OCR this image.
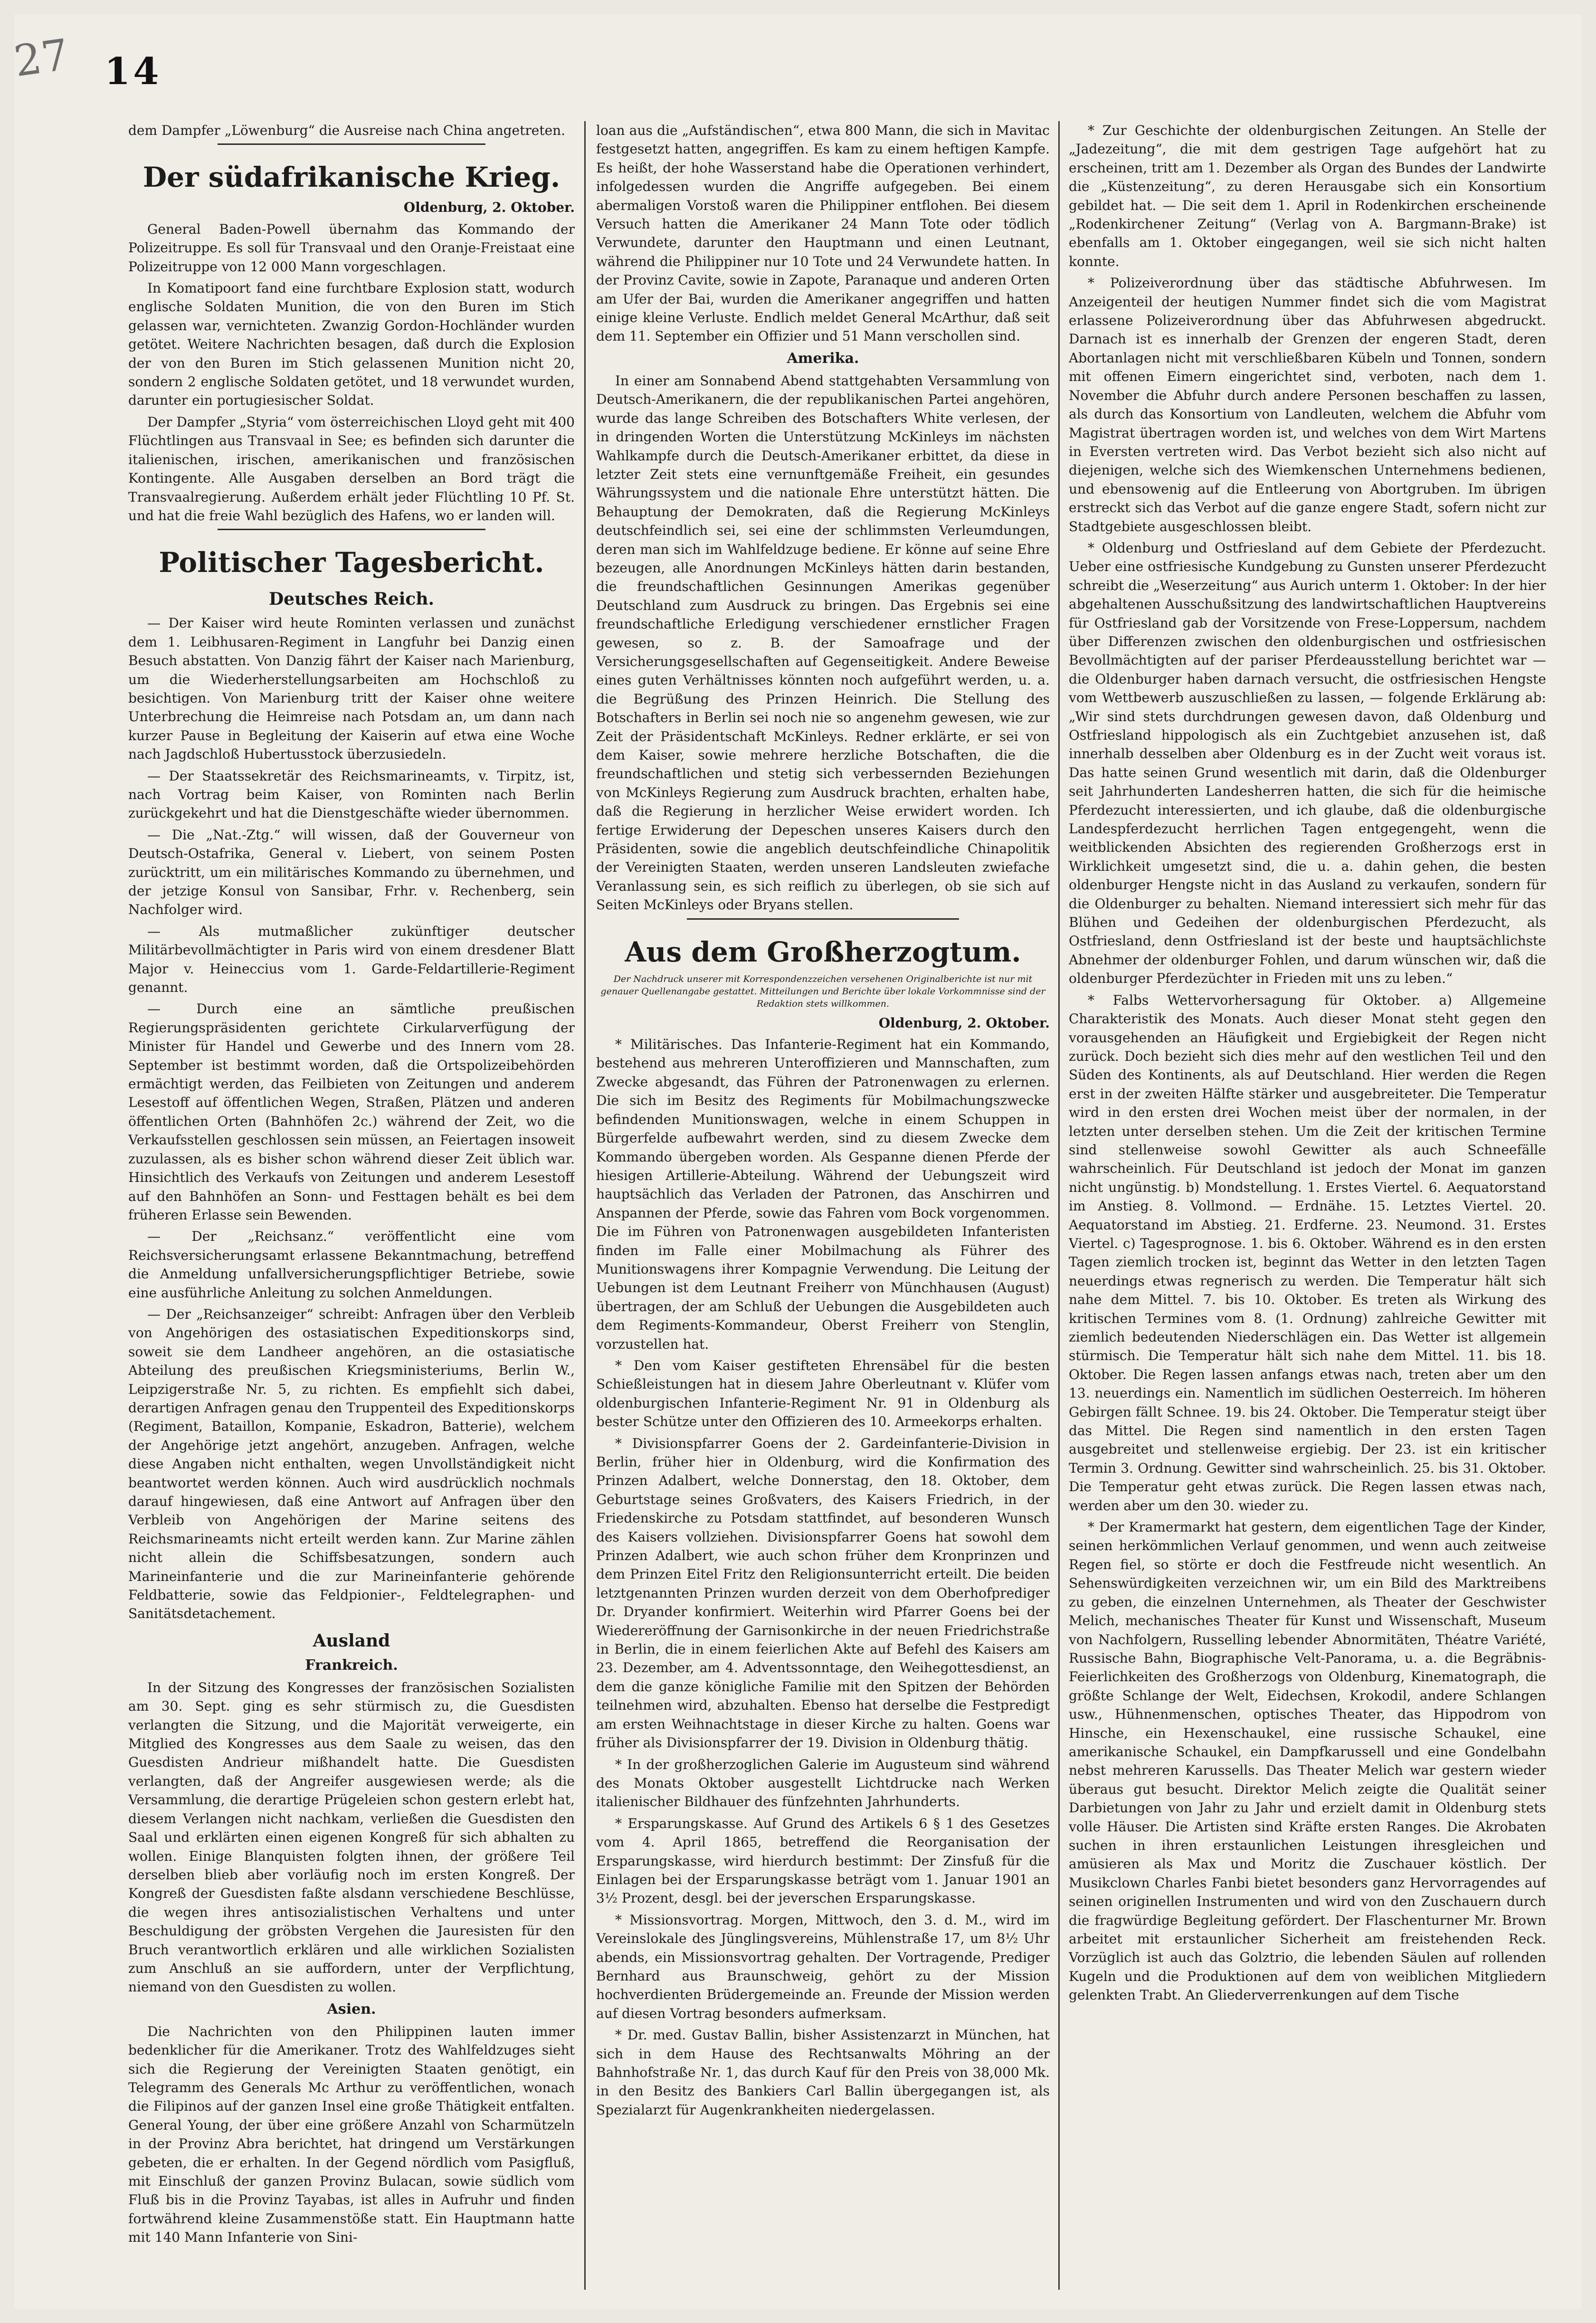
27 14

dem Dampfer „Löwenburg“ die Ausreise nach China angetreten.

Der südafrikanische Krieg.
Oldenburg, 2. Oktober.

General Baden-Powell übernahm das Kommando der Polizeitruppe. Es soll für Transvaal und den Oranje-Freistaat eine Polizeitruppe von 12 000 Mann vorgeschlagen.

In Komatipoort fand eine furchtbare Explosion statt, wodurch englische Soldaten Munition, die von den Buren im Stich gelassen war, vernichteten. Zwanzig Gordon-Hochländer wurden getötet. Weitere Nachrichten besagen, daß durch die Explosion der von den Buren im Stich gelassenen Munition nicht 20, sondern 2 englische Soldaten getötet, und 18 verwundet wurden, darunter ein portugiesischer Soldat.

Der Dampfer „Styria“ vom österreichischen Lloyd geht mit 400 Flüchtlingen aus Transvaal in See; es befinden sich darunter die italienischen, irischen, amerikanischen und französischen Kontingente. Alle Ausgaben derselben an Bord trägt die Transvaalregierung. Außerdem erhält jeder Flüchtling 10 Pf. St. und hat die freie Wahl bezüglich des Hafens, wo er landen will.

Politischer Tagesbericht.
Deutsches Reich.

— Der Kaiser wird heute Rominten verlassen und zunächst dem 1. Leibhusaren-Regiment in Langfuhr bei Danzig einen Besuch abstatten. Von Danzig fährt der Kaiser nach Marienburg, um die Wiederherstellungsarbeiten am Hochschloß zu besichtigen. Von Marienburg tritt der Kaiser ohne weitere Unterbrechung die Heimreise nach Potsdam an, um dann nach kurzer Pause in Begleitung der Kaiserin auf etwa eine Woche nach Jagdschloß Hubertusstock überzusiedeln.

— Der Staatssekretär des Reichsmarineamts, v. Tirpitz, ist, nach Vortrag beim Kaiser, von Rominten nach Berlin zurückgekehrt und hat die Dienstgeschäfte wieder übernommen.

— Die „Nat.-Ztg.“ will wissen, daß der Gouverneur von Deutsch-Ostafrika, General v. Liebert, von seinem Posten zurücktritt, um ein militärisches Kommando zu übernehmen, und der jetzige Konsul von Sansibar, Frhr. v. Rechenberg, sein Nachfolger wird.

— Als mutmaßlicher zukünftiger deutscher Militärbevollmächtigter in Paris wird von einem dresdener Blatt Major v. Heineccius vom 1. Garde-Feldartillerie-Regiment genannt.

— Durch eine an sämtliche preußischen Regierungspräsidenten gerichtete Cirkularverfügung der Minister für Handel und Gewerbe und des Innern vom 28. September ist bestimmt worden, daß die Ortspolizeibehörden ermächtigt werden, das Feilbieten von Zeitungen und anderem Lesestoff auf öffentlichen Wegen, Straßen, Plätzen und anderen öffentlichen Orten (Bahnhöfen 2c.) während der Zeit, wo die Verkaufsstellen geschlossen sein müssen, an Feiertagen insoweit zuzulassen, als es bisher schon während dieser Zeit üblich war. Hinsichtlich des Verkaufs von Zeitungen und anderem Lesestoff auf den Bahnhöfen an Sonn- und Festtagen behält es bei dem früheren Erlasse sein Bewenden.

— Der „Reichsanz.“ veröffentlicht eine vom Reichsversicherungsamt erlassene Bekanntmachung, betreffend die Anmeldung unfallversicherungspflichtiger Betriebe, sowie eine ausführliche Anleitung zu solchen Anmeldungen.

— Der „Reichsanzeiger“ schreibt: Anfragen über den Verbleib von Angehörigen des ostasiatischen Expeditionskorps sind, soweit sie dem Landheer angehören, an die ostasiatische Abteilung des preußischen Kriegsministeriums, Berlin W., Leipzigerstraße Nr. 5, zu richten. Es empfiehlt sich dabei, derartigen Anfragen genau den Truppenteil des Expeditionskorps (Regiment, Bataillon, Kompanie, Eskadron, Batterie), welchem der Angehörige jetzt angehört, anzugeben. Anfragen, welche diese Angaben nicht enthalten, wegen Unvollständigkeit nicht beantwortet werden können. Auch wird ausdrücklich nochmals darauf hingewiesen, daß eine Antwort auf Anfragen über den Verbleib von Angehörigen der Marine seitens des Reichsmarineamts nicht erteilt werden kann. Zur Marine zählen nicht allein die Schiffsbesatzungen, sondern auch Marineinfanterie und die zur Marineinfanterie gehörende Feldbatterie, sowie das Feldpionier-, Feldtelegraphen- und Sanitätsdetachement.

Ausland
Frankreich.

In der Sitzung des Kongresses der französischen Sozialisten am 30. Sept. ging es sehr stürmisch zu, die Guesdisten verlangten die Sitzung, und die Majorität verweigerte, ein Mitglied des Kongresses aus dem Saale zu weisen, das den Guesdisten Andrieur mißhandelt hatte. Die Guesdisten verlangten, daß der Angreifer ausgewiesen werde; als die Versammlung, die derartige Prügeleien schon gestern erlebt hat, diesem Verlangen nicht nachkam, verließen die Guesdisten den Saal und erklärten einen eigenen Kongreß für sich abhalten zu wollen. Einige Blanquisten folgten ihnen, der größere Teil derselben blieb aber vorläufig noch im ersten Kongreß. Der Kongreß der Guesdisten faßte alsdann verschiedene Beschlüsse, die wegen ihres antisozialistischen Verhaltens und unter Beschuldigung der gröbsten Vergehen die Jauresisten für den Bruch verantwortlich erklären und alle wirklichen Sozialisten zum Anschluß an sie auffordern, unter der Verpflichtung, niemand von den Guesdisten zu wollen.

Asien.

Die Nachrichten von den Philippinen lauten immer bedenklicher für die Amerikaner. Trotz des Wahlfeldzuges sieht sich die Regierung der Vereinigten Staaten genötigt, ein Telegramm des Generals Mc Arthur zu veröffentlichen, wonach die Filipinos auf der ganzen Insel eine große Thätigkeit entfalten. General Young, der über eine größere Anzahl von Scharmützeln in der Provinz Abra berichtet, hat dringend um Verstärkungen gebeten, die er erhalten. In der Gegend nördlich vom Pasigfluß, mit Einschluß der ganzen Provinz Bulacan, sowie südlich vom Fluß bis in die Provinz Tayabas, ist alles in Aufruhr und finden fortwährend kleine Zusammenstöße statt. Ein Hauptmann hatte mit 140 Mann Infanterie von Sini-

loan aus die „Aufständischen“, etwa 800 Mann, die sich in Mavitac festgesetzt hatten, angegriffen. Es kam zu einem heftigen Kampfe. Es heißt, der hohe Wasserstand habe die Operationen verhindert, infolgedessen wurden die Angriffe aufgegeben. Bei einem abermaligen Vorstoß waren die Philippiner entflohen. Bei diesem Versuch hatten die Amerikaner 24 Mann Tote oder tödlich Verwundete, darunter den Hauptmann und einen Leutnant, während die Philippiner nur 10 Tote und 24 Verwundete hatten. In der Provinz Cavite, sowie in Zapote, Paranaque und anderen Orten am Ufer der Bai, wurden die Amerikaner angegriffen und hatten einige kleine Verluste. Endlich meldet General McArthur, daß seit dem 11. September ein Offizier und 51 Mann verschollen sind.

Amerika.

In einer am Sonnabend Abend stattgehabten Versammlung von Deutsch-Amerikanern, die der republikanischen Partei angehören, wurde das lange Schreiben des Botschafters White verlesen, der in dringenden Worten die Unterstützung McKinleys im nächsten Wahlkampfe durch die Deutsch-Amerikaner erbittet, da diese in letzter Zeit stets eine vernunftgemäße Freiheit, ein gesundes Währungssystem und die nationale Ehre unterstützt hätten. Die Behauptung der Demokraten, daß die Regierung McKinleys deutschfeindlich sei, sei eine der schlimmsten Verleumdungen, deren man sich im Wahlfeldzuge bediene. Er könne auf seine Ehre bezeugen, alle Anordnungen McKinleys hätten darin bestanden, die freundschaftlichen Gesinnungen Amerikas gegenüber Deutschland zum Ausdruck zu bringen. Das Ergebnis sei eine freundschaftliche Erledigung verschiedener ernstlicher Fragen gewesen, so z. B. der Samoafrage und der Versicherungsgesellschaften auf Gegenseitigkeit. Andere Beweise eines guten Verhältnisses könnten noch aufgeführt werden, u. a. die Begrüßung des Prinzen Heinrich. Die Stellung des Botschafters in Berlin sei noch nie so angenehm gewesen, wie zur Zeit der Präsidentschaft McKinleys. Redner erklärte, er sei von dem Kaiser, sowie mehrere herzliche Botschaften, die die freundschaftlichen und stetig sich verbessernden Beziehungen von McKinleys Regierung zum Ausdruck brachten, erhalten habe, daß die Regierung in herzlicher Weise erwidert worden. Ich fertige Erwiderung der Depeschen unseres Kaisers durch den Präsidenten, sowie die angeblich deutschfeindliche Chinapolitik der Vereinigten Staaten, werden unseren Landsleuten zwiefache Veranlassung sein, es sich reiflich zu überlegen, ob sie sich auf Seiten McKinleys oder Bryans stellen.

Aus dem Großherzogtum.
Der Nachdruck unserer mit Korrespondenzzeichen versehenen Originalberichte ist nur mit genauer Quellenangabe gestattet. Mitteilungen und Berichte über lokale Vorkommnisse sind der Redaktion stets willkommen.
Oldenburg, 2. Oktober.

* Militärisches. Das Infanterie-Regiment hat ein Kommando, bestehend aus mehreren Unteroffizieren und Mannschaften, zum Zwecke abgesandt, das Führen der Patronenwagen zu erlernen. Die sich im Besitz des Regiments für Mobilmachungszwecke befindenden Munitionswagen, welche in einem Schuppen in Bürgerfelde aufbewahrt werden, sind zu diesem Zwecke dem Kommando übergeben worden. Als Gespanne dienen Pferde der hiesigen Artillerie-Abteilung. Während der Uebungszeit wird hauptsächlich das Verladen der Patronen, das Anschirren und Anspannen der Pferde, sowie das Fahren vom Bock vorgenommen. Die im Führen von Patronenwagen ausgebildeten Infanteristen finden im Falle einer Mobilmachung als Führer des Munitionswagens ihrer Kompagnie Verwendung. Die Leitung der Uebungen ist dem Leutnant Freiherr von Münchhausen (August) übertragen, der am Schluß der Uebungen die Ausgebildeten auch dem Regiments-Kommandeur, Oberst Freiherr von Stenglin, vorzustellen hat.

* Den vom Kaiser gestifteten Ehrensäbel für die besten Schießleistungen hat in diesem Jahre Oberleutnant v. Klüfer vom oldenburgischen Infanterie-Regiment Nr. 91 in Oldenburg als bester Schütze unter den Offizieren des 10. Armeekorps erhalten.

* Divisionspfarrer Goens der 2. Gardeinfanterie-Division in Berlin, früher hier in Oldenburg, wird die Konfirmation des Prinzen Adalbert, welche Donnerstag, den 18. Oktober, dem Geburtstage seines Großvaters, des Kaisers Friedrich, in der Friedenskirche zu Potsdam stattfindet, auf besonderen Wunsch des Kaisers vollziehen. Divisionspfarrer Goens hat sowohl dem Prinzen Adalbert, wie auch schon früher dem Kronprinzen und dem Prinzen Eitel Fritz den Religionsunterricht erteilt. Die beiden letztgenannten Prinzen wurden derzeit von dem Oberhofprediger Dr. Dryander konfirmiert. Weiterhin wird Pfarrer Goens bei der Wiedereröffnung der Garnisonkirche in der neuen Friedrichstraße in Berlin, die in einem feierlichen Akte auf Befehl des Kaisers am 23. Dezember, am 4. Adventssonntage, den Weihegottesdienst, an dem die ganze königliche Familie mit den Spitzen der Behörden teilnehmen wird, abzuhalten. Ebenso hat derselbe die Festpredigt am ersten Weihnachtstage in dieser Kirche zu halten. Goens war früher als Divisionspfarrer der 19. Division in Oldenburg thätig.

* In der großherzoglichen Galerie im Augusteum sind während des Monats Oktober ausgestellt Lichtdrucke nach Werken italienischer Bildhauer des fünfzehnten Jahrhunderts.

* Ersparungskasse. Auf Grund des Artikels 6 § 1 des Gesetzes vom 4. April 1865, betreffend die Reorganisation der Ersparungskasse, wird hierdurch bestimmt: Der Zinsfuß für die Einlagen bei der Ersparungskasse beträgt vom 1. Januar 1901 an 3½ Prozent, desgl. bei der jeverschen Ersparungskasse.

* Missionsvortrag. Morgen, Mittwoch, den 3. d. M., wird im Vereinslokale des Jünglingsvereins, Mühlenstraße 17, um 8½ Uhr abends, ein Missionsvortrag gehalten. Der Vortragende, Prediger Bernhard aus Braunschweig, gehört zu der Mission hochverdienten Brüdergemeinde an. Freunde der Mission werden auf diesen Vortrag besonders aufmerksam.

* Dr. med. Gustav Ballin, bisher Assistenzarzt in München, hat sich in dem Hause des Rechtsanwalts Möhring an der Bahnhofstraße Nr. 1, das durch Kauf für den Preis von 38,000 Mk. in den Besitz des Bankiers Carl Ballin übergegangen ist, als Spezialarzt für Augenkrankheiten niedergelassen.

* Zur Geschichte der oldenburgischen Zeitungen. An Stelle der „Jadezeitung“, die mit dem gestrigen Tage aufgehört hat zu erscheinen, tritt am 1. Dezember als Organ des Bundes der Landwirte die „Küstenzeitung“, zu deren Herausgabe sich ein Konsortium gebildet hat. — Die seit dem 1. April in Rodenkirchen erscheinende „Rodenkirchener Zeitung“ (Verlag von A. Bargmann-Brake) ist ebenfalls am 1. Oktober eingegangen, weil sie sich nicht halten konnte.

* Polizeiverordnung über das städtische Abfuhrwesen. Im Anzeigenteil der heutigen Nummer findet sich die vom Magistrat erlassene Polizeiverordnung über das Abfuhrwesen abgedruckt. Darnach ist es innerhalb der Grenzen der engeren Stadt, deren Abortanlagen nicht mit verschließbaren Kübeln und Tonnen, sondern mit offenen Eimern eingerichtet sind, verboten, nach dem 1. November die Abfuhr durch andere Personen beschaffen zu lassen, als durch das Konsortium von Landleuten, welchem die Abfuhr vom Magistrat übertragen worden ist, und welches von dem Wirt Martens in Eversten vertreten wird. Das Verbot bezieht sich also nicht auf diejenigen, welche sich des Wiemkenschen Unternehmens bedienen, und ebensowenig auf die Entleerung von Abortgruben. Im übrigen erstreckt sich das Verbot auf die ganze engere Stadt, sofern nicht zur Stadtgebiete ausgeschlossen bleibt.

* Oldenburg und Ostfriesland auf dem Gebiete der Pferdezucht. Ueber eine ostfriesische Kundgebung zu Gunsten unserer Pferdezucht schreibt die „Weserzeitung“ aus Aurich unterm 1. Oktober: In der hier abgehaltenen Ausschußsitzung des landwirtschaftlichen Hauptvereins für Ostfriesland gab der Vorsitzende von Frese-Loppersum, nachdem über Differenzen zwischen den oldenburgischen und ostfriesischen Bevollmächtigten auf der pariser Pferdeausstellung berichtet war — die Oldenburger haben darnach versucht, die ostfriesischen Hengste vom Wettbewerb auszuschließen zu lassen, — folgende Erklärung ab: „Wir sind stets durchdrungen gewesen davon, daß Oldenburg und Ostfriesland hippologisch als ein Zuchtgebiet anzusehen ist, daß innerhalb desselben aber Oldenburg es in der Zucht weit voraus ist. Das hatte seinen Grund wesentlich mit darin, daß die Oldenburger seit Jahrhunderten Landesherren hatten, die sich für die heimische Pferdezucht interessierten, und ich glaube, daß die oldenburgische Landespferdezucht herrlichen Tagen entgegengeht, wenn die weitblickenden Absichten des regierenden Großherzogs erst in Wirklichkeit umgesetzt sind, die u. a. dahin gehen, die besten oldenburger Hengste nicht in das Ausland zu verkaufen, sondern für die Oldenburger zu behalten. Niemand interessiert sich mehr für das Blühen und Gedeihen der oldenburgischen Pferdezucht, als Ostfriesland, denn Ostfriesland ist der beste und hauptsächlichste Abnehmer der oldenburger Fohlen, und darum wünschen wir, daß die oldenburger Pferdezüchter in Frieden mit uns zu leben.“

* Falbs Wettervorhersagung für Oktober. a) Allgemeine Charakteristik des Monats. Auch dieser Monat steht gegen den vorausgehenden an Häufigkeit und Ergiebigkeit der Regen nicht zurück. Doch bezieht sich dies mehr auf den westlichen Teil und den Süden des Kontinents, als auf Deutschland. Hier werden die Regen erst in der zweiten Hälfte stärker und ausgebreiteter. Die Temperatur wird in den ersten drei Wochen meist über der normalen, in der letzten unter derselben stehen. Um die Zeit der kritischen Termine sind stellenweise sowohl Gewitter als auch Schneefälle wahrscheinlich. Für Deutschland ist jedoch der Monat im ganzen nicht ungünstig. b) Mondstellung. 1. Erstes Viertel. 6. Aequatorstand im Anstieg. 8. Vollmond. — Erdnähe. 15. Letztes Viertel. 20. Aequatorstand im Abstieg. 21. Erdferne. 23. Neumond. 31. Erstes Viertel. c) Tagesprognose. 1. bis 6. Oktober. Während es in den ersten Tagen ziemlich trocken ist, beginnt das Wetter in den letzten Tagen neuerdings etwas regnerisch zu werden. Die Temperatur hält sich nahe dem Mittel. 7. bis 10. Oktober. Es treten als Wirkung des kritischen Termines vom 8. (1. Ordnung) zahlreiche Gewitter mit ziemlich bedeutenden Niederschlägen ein. Das Wetter ist allgemein stürmisch. Die Temperatur hält sich nahe dem Mittel. 11. bis 18. Oktober. Die Regen lassen anfangs etwas nach, treten aber um den 13. neuerdings ein. Namentlich im südlichen Oesterreich. Im höheren Gebirgen fällt Schnee. 19. bis 24. Oktober. Die Temperatur steigt über das Mittel. Die Regen sind namentlich in den ersten Tagen ausgebreitet und stellenweise ergiebig. Der 23. ist ein kritischer Termin 3. Ordnung. Gewitter sind wahrscheinlich. 25. bis 31. Oktober. Die Temperatur geht etwas zurück. Die Regen lassen etwas nach, werden aber um den 30. wieder zu.

* Der Kramermarkt hat gestern, dem eigentlichen Tage der Kinder, seinen herkömmlichen Verlauf genommen, und wenn auch zeitweise Regen fiel, so störte er doch die Festfreude nicht wesentlich. An Sehenswürdigkeiten verzeichnen wir, um ein Bild des Marktreibens zu geben, die einzelnen Unternehmen, als Theater der Geschwister Melich, mechanisches Theater für Kunst und Wissenschaft, Museum von Nachfolgern, Russelling lebender Abnormitäten, Théatre Variété, Russische Bahn, Biographische Velt-Panorama, u. a. die Begräbnis-Feierlichkeiten des Großherzogs von Oldenburg, Kinematograph, die größte Schlange der Welt, Eidechsen, Krokodil, andere Schlangen usw., Hühnenmenschen, optisches Theater, das Hippodrom von Hinsche, ein Hexenschaukel, eine russische Schaukel, eine amerikanische Schaukel, ein Dampfkarussell und eine Gondelbahn nebst mehreren Karussells. Das Theater Melich war gestern wieder überaus gut besucht. Direktor Melich zeigte die Qualität seiner Darbietungen von Jahr zu Jahr und erzielt damit in Oldenburg stets volle Häuser. Die Artisten sind Kräfte ersten Ranges. Die Akrobaten suchen in ihren erstaunlichen Leistungen ihresgleichen und amüsieren als Max und Moritz die Zuschauer köstlich. Der Musikclown Charles Fanbi bietet besonders ganz Hervorragendes auf seinen originellen Instrumenten und wird von den Zuschauern durch die fragwürdige Begleitung gefördert. Der Flaschenturner Mr. Brown arbeitet mit erstaunlicher Sicherheit am freistehenden Reck. Vorzüglich ist auch das Golztrio, die lebenden Säulen auf rollenden Kugeln und die Produktionen auf dem von weiblichen Mitgliedern gelenkten Trabt. An Gliederverrenkungen auf dem Tische
